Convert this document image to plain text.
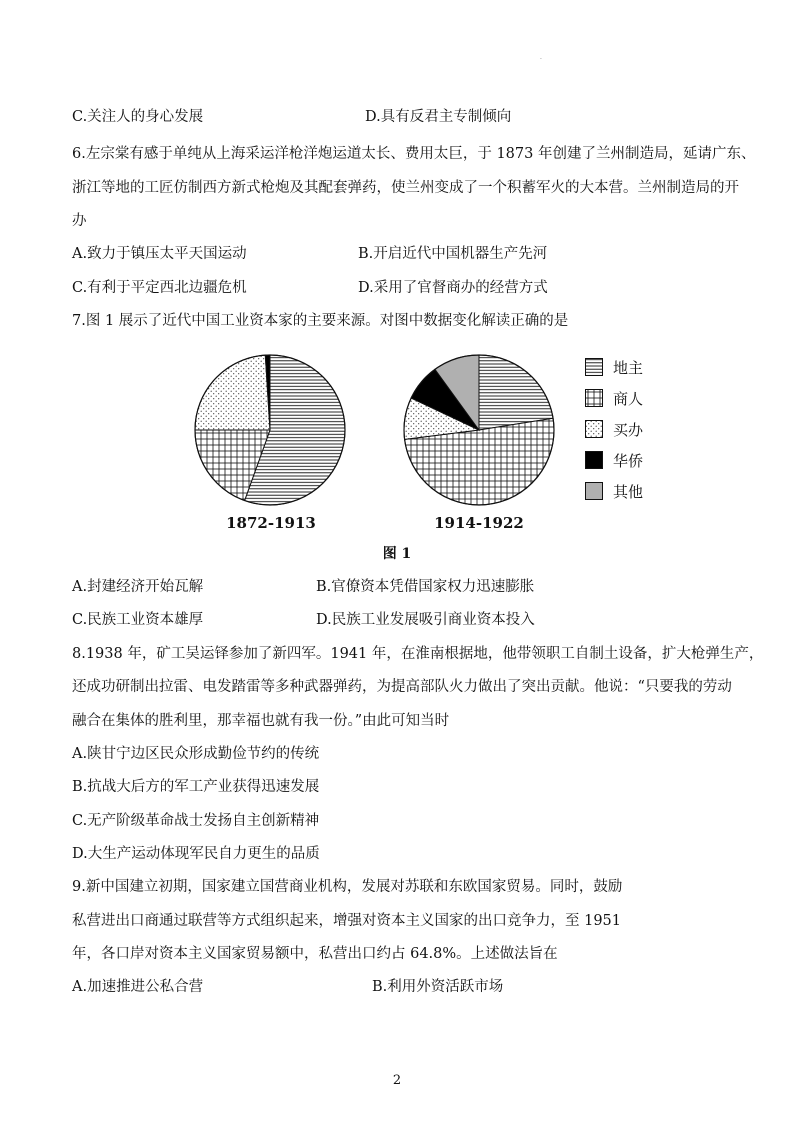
·
C.关注人的身心发展	D.具有反君主专制倾向
6.左宗棠有感于单纯从上海采运洋枪洋炮运道太长、费用太巨，于 1873 年创建了兰州制造局，延请广东、
浙江等地的工匠仿制西方新式枪炮及其配套弹药，使兰州变成了一个积蓄军火的大本营。兰州制造局的开
办
A.致力于镇压太平天国运动	B.开启近代中国机器生产先河
C.有利于平定西北边疆危机	D.采用了官督商办的经营方式
7.图 1 展示了近代中国工业资本家的主要来源。对图中数据变化解读正确的是
1872-1913	1914-1922
地主
商人
买办
华侨
其他
图 1
A.封建经济开始瓦解	B.官僚资本凭借国家权力迅速膨胀
C.民族工业资本雄厚	D.民族工业发展吸引商业资本投入
8.1938 年，矿工吴运铎参加了新四军。1941 年，在淮南根据地，他带领职工自制土设备，扩大枪弹生产，
还成功研制出拉雷、电发踏雷等多种武器弹药，为提高部队火力做出了突出贡献。他说：“只要我的劳动
融合在集体的胜利里，那幸福也就有我一份。”由此可知当时
A.陕甘宁边区民众形成勤俭节约的传统
B.抗战大后方的军工产业获得迅速发展
C.无产阶级革命战士发扬自主创新精神
D.大生产运动体现军民自力更生的品质
9.新中国建立初期，国家建立国营商业机构，发展对苏联和东欧国家贸易。同时，鼓励
私营进出口商通过联营等方式组织起来，增强对资本主义国家的出口竞争力，至 1951
年，各口岸对资本主义国家贸易额中，私营出口约占 64.8%。上述做法旨在
A.加速推进公私合营	B.利用外资活跃市场
2
